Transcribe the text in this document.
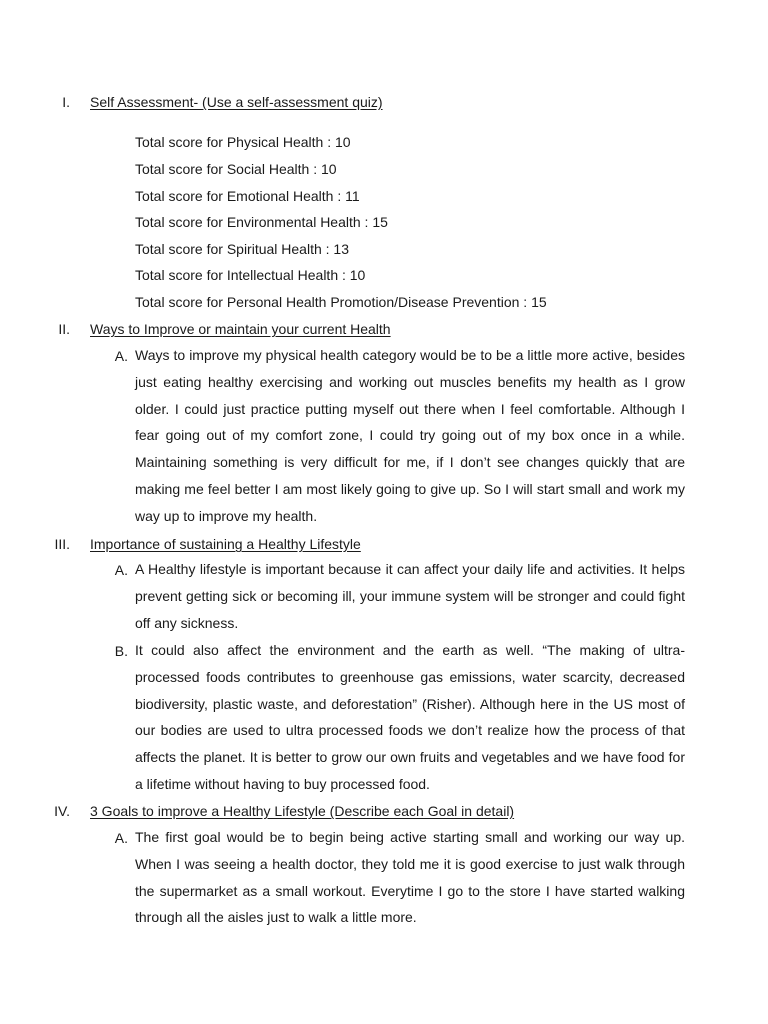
I. Self Assessment- (Use a self-assessment quiz)
Total score for Physical Health : 10
Total score for Social Health : 10
Total score for Emotional Health : 11
Total score for Environmental Health : 15
Total score for Spiritual Health : 13
Total score for Intellectual Health : 10
Total score for Personal Health Promotion/Disease Prevention : 15
II. Ways to Improve or maintain your current Health
A. Ways to improve my physical health category would be to be a little more active, besides just eating healthy exercising and working out muscles benefits my health as I grow older. I could just practice putting myself out there when I feel comfortable. Although I fear going out of my comfort zone, I could try going out of my box once in a while. Maintaining something is very difficult for me, if I don’t see changes quickly that are making me feel better I am most likely going to give up. So I will start small and work my way up to improve my health.

III. Importance of sustaining a Healthy Lifestyle
A. A Healthy lifestyle is important because it can affect your daily life and activities. It helps prevent getting sick or becoming ill, your immune system will be stronger and could fight off any sickness.

B. It could also affect the environment and the earth as well. “The making of ultra-processed foods contributes to greenhouse gas emissions, water scarcity, decreased biodiversity, plastic waste, and deforestation” (Risher). Although here in the US most of our bodies are used to ultra processed foods we don’t realize how the process of that affects the planet. It is better to grow our own fruits and vegetables and we have food for a lifetime without having to buy processed food.

IV. 3 Goals to improve a Healthy Lifestyle (Describe each Goal in detail)
A. The first goal would be to begin being active starting small and working our way up. When I was seeing a health doctor, they told me it is good exercise to just walk through the supermarket as a small workout. Everytime I go to the store I have started walking through all the aisles just to walk a little more.
